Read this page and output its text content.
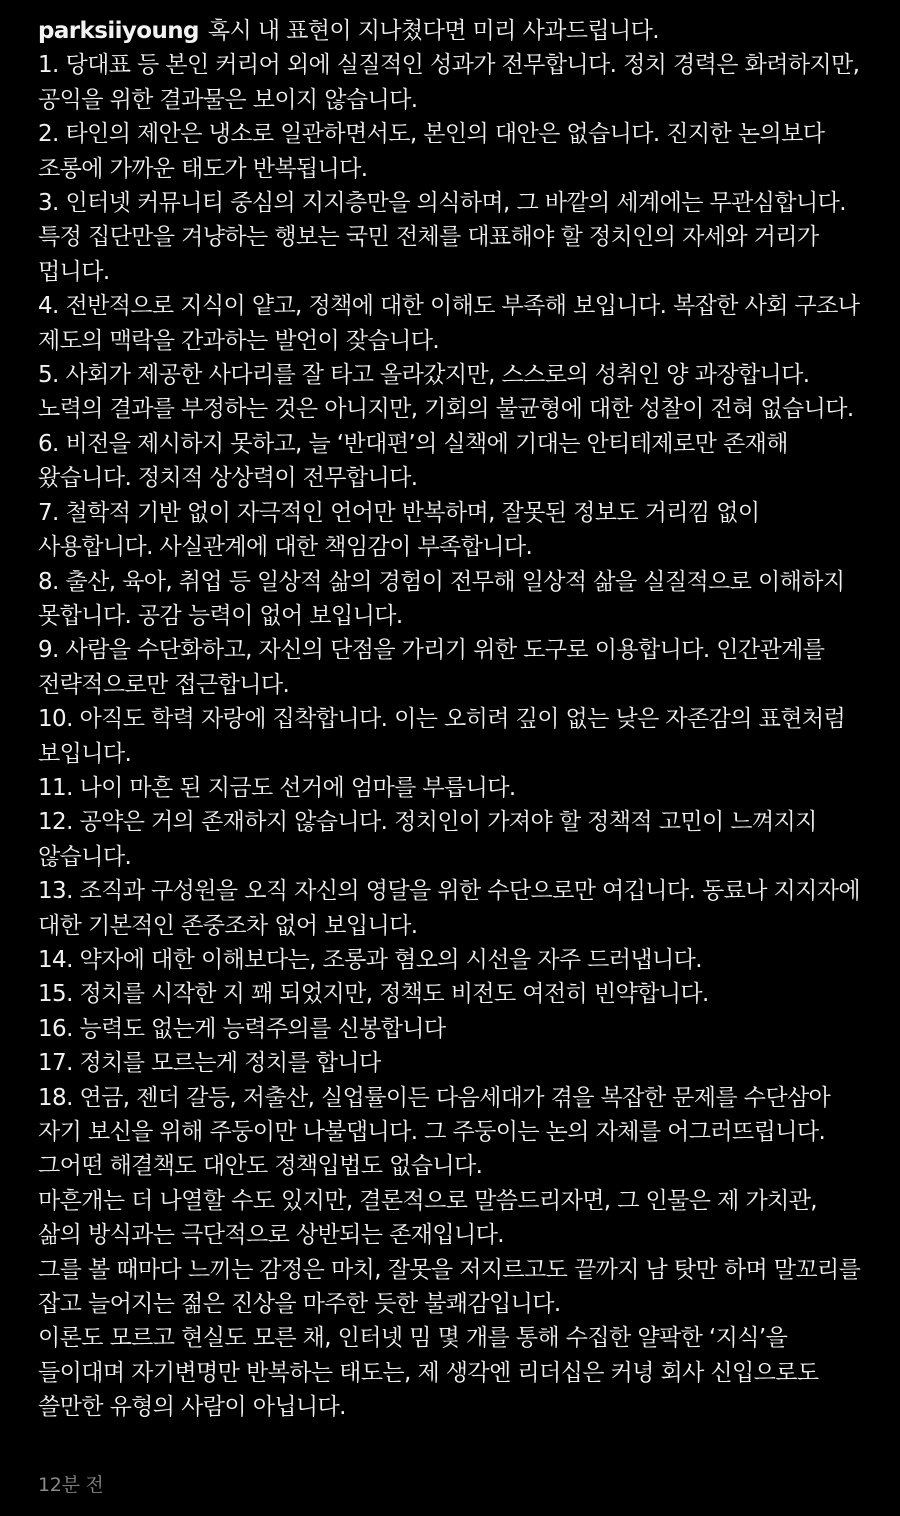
parksiiyoung 혹시 내 표현이 지나쳤다면 미리 사과드립니다.

1. 당대표 등 본인 커리어 외에 실질적인 성과가 전무합니다. 정치 경력은 화려하지만, 공익을 위한 결과물은 보이지 않습니다.

2. 타인의 제안은 냉소로 일관하면서도, 본인의 대안은 없습니다. 진지한 논의보다 조롱에 가까운 태도가 반복됩니다.

3. 인터넷 커뮤니티 중심의 지지층만을 의식하며, 그 바깥의 세계에는 무관심합니다. 특정 집단만을 겨냥하는 행보는 국민 전체를 대표해야 할 정치인의 자세와 거리가 멉니다.

4. 전반적으로 지식이 얕고, 정책에 대한 이해도 부족해 보입니다. 복잡한 사회 구조나 제도의 맥락을 간과하는 발언이 잦습니다.

5. 사회가 제공한 사다리를 잘 타고 올라갔지만, 스스로의 성취인 양 과장합니다. 노력의 결과를 부정하는 것은 아니지만, 기회의 불균형에 대한 성찰이 전혀 없습니다.

6. 비전을 제시하지 못하고, 늘 ‘반대편’의 실책에 기대는 안티테제로만 존재해 왔습니다. 정치적 상상력이 전무합니다.

7. 철학적 기반 없이 자극적인 언어만 반복하며, 잘못된 정보도 거리낌 없이 사용합니다. 사실관계에 대한 책임감이 부족합니다.

8. 출산, 육아, 취업 등 일상적 삶의 경험이 전무해 일상적 삶을 실질적으로 이해하지 못합니다. 공감 능력이 없어 보입니다.

9. 사람을 수단화하고, 자신의 단점을 가리기 위한 도구로 이용합니다. 인간관계를 전략적으로만 접근합니다.

10. 아직도 학력 자랑에 집착합니다. 이는 오히려 깊이 없는 낮은 자존감의 표현처럼 보입니다.

11. 나이 마흔 된 지금도 선거에 엄마를 부릅니다.

12. 공약은 거의 존재하지 않습니다. 정치인이 가져야 할 정책적 고민이 느껴지지 않습니다.

13. 조직과 구성원을 오직 자신의 영달을 위한 수단으로만 여깁니다. 동료나 지지자에 대한 기본적인 존중조차 없어 보입니다.

14. 약자에 대한 이해보다는, 조롱과 혐오의 시선을 자주 드러냅니다.

15. 정치를 시작한 지 꽤 되었지만, 정책도 비전도 여전히 빈약합니다.

16. 능력도 없는게 능력주의를 신봉합니다

17. 정치를 모르는게 정치를 합니다

18. 연금, 젠더 갈등, 저출산, 실업률이든 다음세대가 겪을 복잡한 문제를 수단삼아 자기 보신을 위해 주둥이만 나불댑니다. 그 주둥이는 논의 자체를 어그러뜨립니다. 그어떤 해결책도 대안도 정책입법도 없습니다.

마흔개는 더 나열할 수도 있지만, 결론적으로 말씀드리자면, 그 인물은 제 가치관, 삶의 방식과는 극단적으로 상반되는 존재입니다.

그를 볼 때마다 느끼는 감정은 마치, 잘못을 저지르고도 끝까지 남 탓만 하며 말꼬리를 잡고 늘어지는 젊은 진상을 마주한 듯한 불쾌감입니다.

이론도 모르고 현실도 모른 채, 인터넷 밈 몇 개를 통해 수집한 얄팍한 ‘지식’을 들이대며 자기변명만 반복하는 태도는, 제 생각엔 리더십은 커녕 회사 신입으로도 쓸만한 유형의 사람이 아닙니다.

12분 전
